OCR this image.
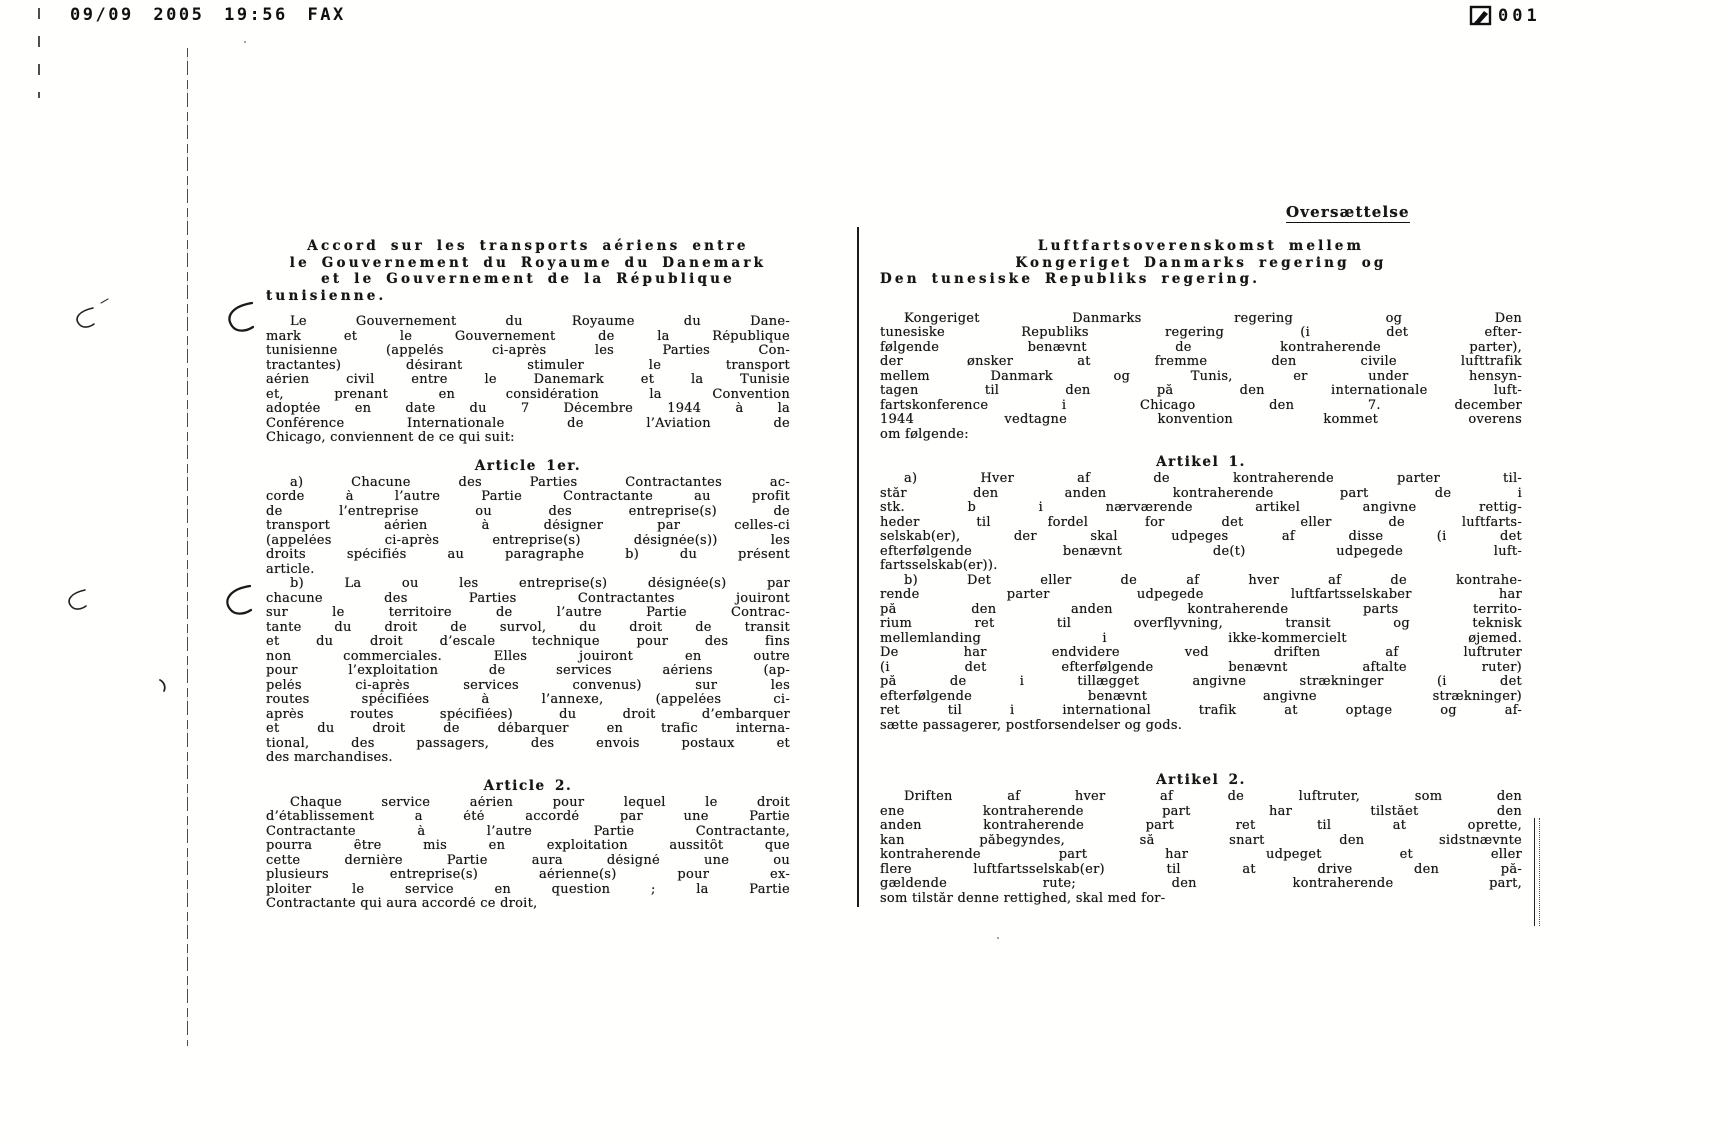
09/09 2005 19:56 FAX	001
Oversættelse
Accord sur les transports aériens entre
le Gouvernement du Royaume du Danemark
et le Gouvernement de la République
tunisienne.
Le Gouvernement du Royaume du Dane-
mark et le Gouvernement de la République
tunisienne (appelés ci-après les Parties Con-
tractantes) désirant stimuler le transport
aérien civil entre le Danemark et la Tunisie
et, prenant en considération la Convention
adoptée en date du 7 Décembre 1944 à la
Conférence Internationale de l’Aviation de
Chicago, conviennent de ce qui suit:
Article 1er.
a) Chacune des Parties Contractantes ac-
corde à l’autre Partie Contractante au profit
de l’entreprise ou des entreprise(s) de
transport aérien à désigner par celles-ci
(appelées ci-après entreprise(s) désignée(s)) les
droits spécifiés au paragraphe b) du présent
article.
b) La ou les entreprise(s) désignée(s) par
chacune des Parties Contractantes jouiront
sur le territoire de l’autre Partie Contrac-
tante du droit de survol, du droit de transit
et du droit d’escale technique pour des fins
non commerciales. Elles jouiront en outre
pour l’exploitation de services aériens (ap-
pelés ci-après services convenus) sur les
routes spécifiées à l’annexe, (appelées ci-
après routes spécifiées) du droit d’embarquer
et du droit de débarquer en trafic interna-
tional, des passagers, des envois postaux et
des marchandises.
Article 2.
Chaque service aérien pour lequel le droit
d’établissement a été accordé par une Partie
Contractante à l’autre Partie Contractante,
pourra être mis en exploitation aussitôt que
cette dernière Partie aura désigné une ou
plusieurs entreprise(s) aérienne(s) pour ex-
ploiter le service en question ; la Partie
Contractante qui aura accordé ce droit,
Luftfartsoverenskomst mellem
Kongeriget Danmarks regering og
Den tunesiske Republiks regering.
Kongeriget Danmarks regering og Den
tunesiske Republiks regering (i det efter-
følgende benævnt de kontraherende parter),
der ønsker at fremme den civile lufttrafik
mellem Danmark og Tunis, er under hensyn-
tagen til den på den internationale luft-
fartskonference i Chicago den 7. december
1944 vedtagne konvention kommet overens
om følgende:
Artikel 1.
a) Hver af de kontraherende parter til-
står den anden kontraherende part de i
stk. b i nærværende artikel angivne rettig-
heder til fordel for det eller de luftfarts-
selskab(er), der skal udpeges af disse (i det
efterfølgende benævnt de(t) udpegede luft-
fartsselskab(er)).
b) Det eller de af hver af de kontrahe-
rende parter udpegede luftfartsselskaber har
på den anden kontraherende parts territo-
rium ret til overflyvning, transit og teknisk
mellemlanding i ikke-kommercielt øjemed.
De har endvidere ved driften af luftruter
(i det efterfølgende benævnt aftalte ruter)
på de i tillægget angivne strækninger (i det
efterfølgende benævnt angivne strækninger)
ret til i international trafik at optage og af-
sætte passagerer, postforsendelser og gods.
Artikel 2.
Driften af hver af de luftruter, som den
ene kontraherende part har tilstået den
anden kontraherende part ret til at oprette,
kan påbegyndes, så snart den sidstnævnte
kontraherende part har udpeget et eller
flere luftfartsselskab(er) til at drive den på-
gældende rute; den kontraherende part,
som tilstår denne rettighed, skal med for-
